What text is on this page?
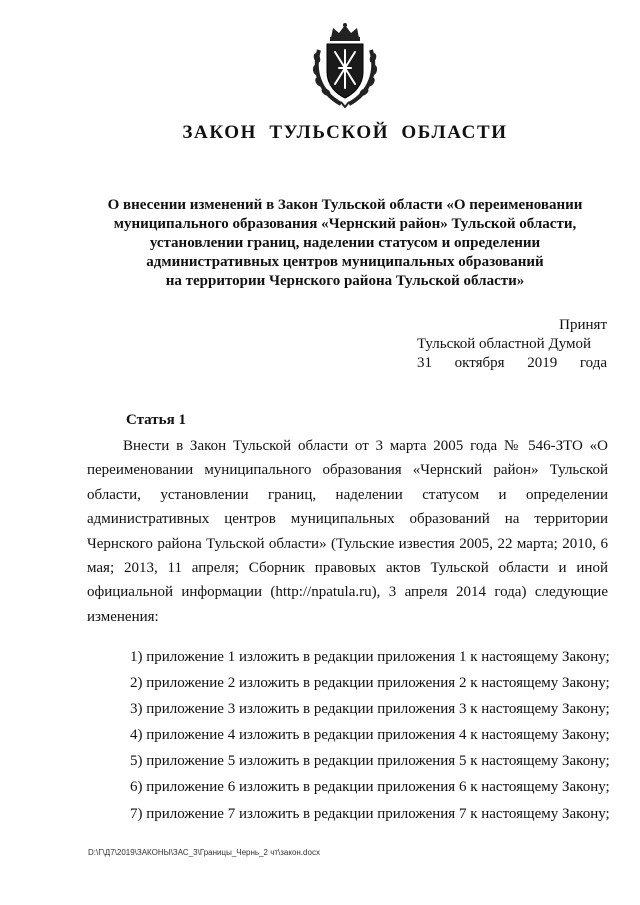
ЗАКОН ТУЛЬСКОЙ ОБЛАСТИ
О внесении изменений в Закон Тульской области «О переименовании
муниципального образования «Чернский район» Тульской области,
установлении границ, наделении статусом и определении
административных центров муниципальных образований
на территории Чернского района Тульской области»
Принят
Тульской областной Думой
31 октября 2019 года
Статья 1
Внести в Закон Тульской области от 3 марта 2005 года № 546-ЗТО «О переименовании муниципального образования «Чернский район» Тульской области, установлении границ, наделении статусом и определении административных центров муниципальных образований на территории Чернского района Тульской области» (Тульские известия 2005, 22 марта; 2010, 6 мая; 2013, 11 апреля; Сборник правовых актов Тульской области и иной официальной информации (http://npatula.ru), 3 апреля 2014 года) следующие изменения:
1) приложение 1 изложить в редакции приложения 1 к настоящему Закону;
2) приложение 2 изложить в редакции приложения 2 к настоящему Закону;
3) приложение 3 изложить в редакции приложения 3 к настоящему Закону;
4) приложение 4 изложить в редакции приложения 4 к настоящему Закону;
5) приложение 5 изложить в редакции приложения 5 к настоящему Закону;
6) приложение 6 изложить в редакции приложения 6 к настоящему Закону;
7) приложение 7 изложить в редакции приложения 7 к настоящему Закону;
D:\Г\Д7\2019\ЗАКОНЫ\ЗАС_3\Границы_Чернь_2 чт\закон.docx
